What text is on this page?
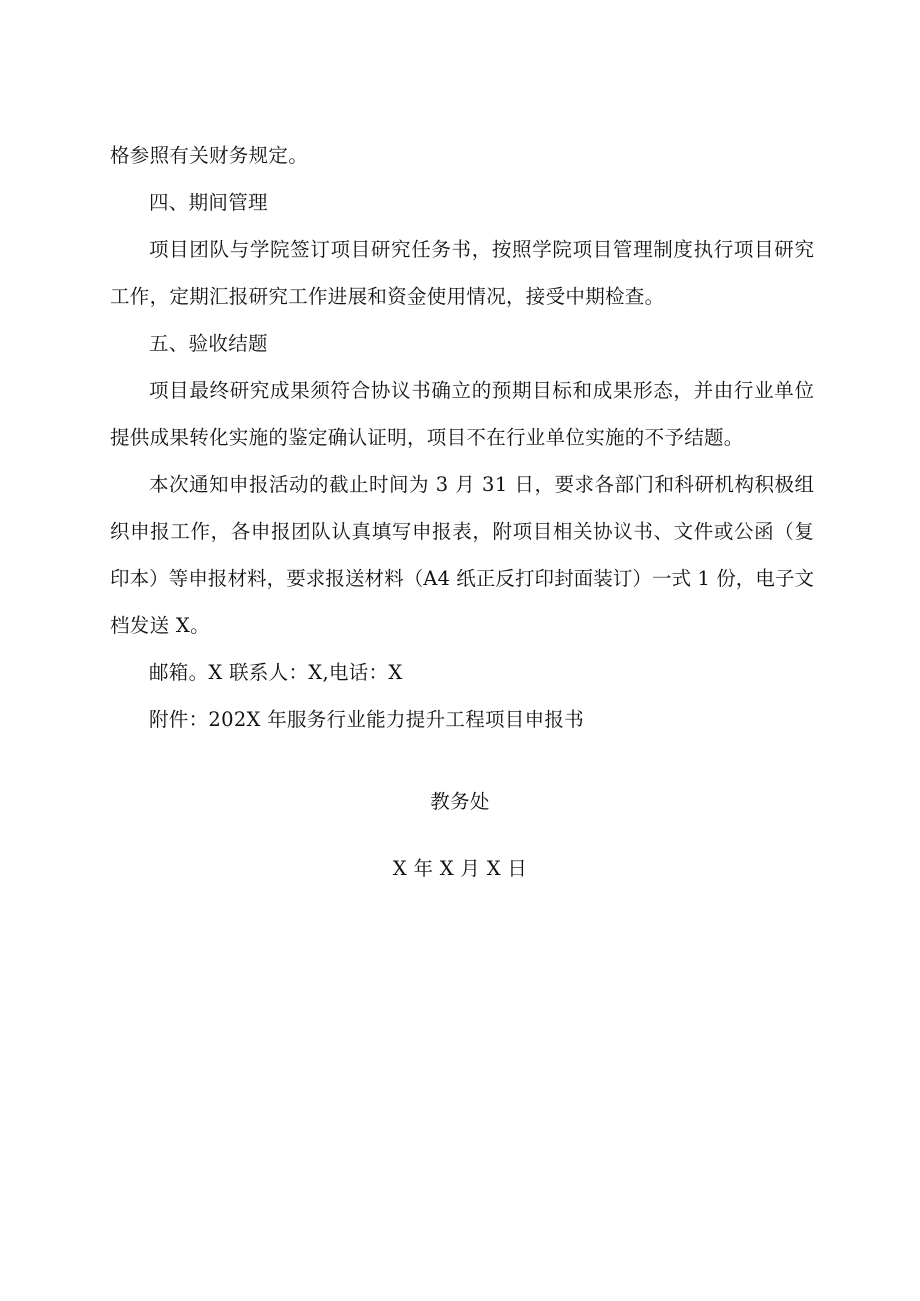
格参照有关财务规定。
四、期间管理
项目团队与学院签订项目研究任务书，按照学院项目管理制度执行项目研究
工作，定期汇报研究工作进展和资金使用情况，接受中期检查。
五、验收结题
项目最终研究成果须符合协议书确立的预期目标和成果形态，并由行业单位
提供成果转化实施的鉴定确认证明，项目不在行业单位实施的不予结题。
本次通知申报活动的截止时间为 3 月 31 日，要求各部门和科研机构积极组
织申报工作，各申报团队认真填写申报表，附项目相关协议书、文件或公函（复
印本）等申报材料，要求报送材料（A4 纸正反打印封面装订）一式 1 份，电子文
档发送 X。
邮箱。X 联系人：X,电话：X
附件：202X 年服务行业能力提升工程项目申报书
教务处
X 年 X 月 X 日
